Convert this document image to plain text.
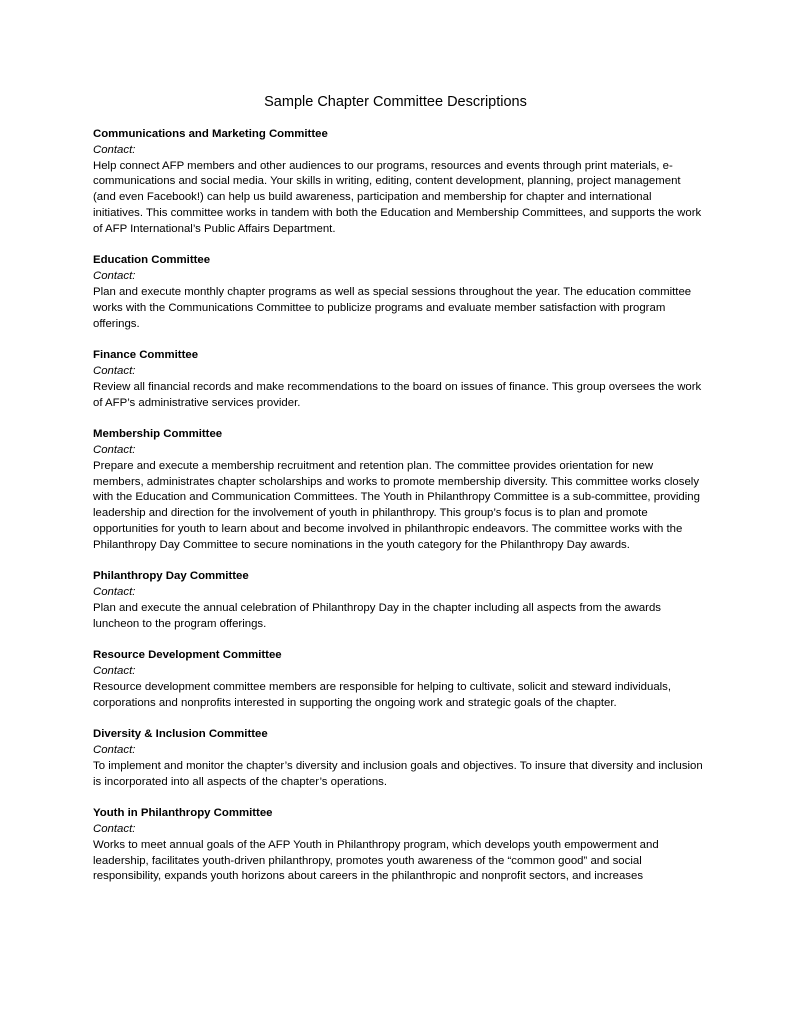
Sample Chapter Committee Descriptions

Communications and Marketing Committee

Contact:

Help connect AFP members and other audiences to our programs, resources and events through print materials, e-communications and social media. Your skills in writing, editing, content development, planning, project management (and even Facebook!) can help us build awareness, participation and membership for chapter and international initiatives. This committee works in tandem with both the Education and Membership Committees, and supports the work of AFP International’s Public Affairs Department.

Education Committee

Contact:

Plan and execute monthly chapter programs as well as special sessions throughout the year. The education committee works with the Communications Committee to publicize programs and evaluate member satisfaction with program offerings.

Finance Committee

Contact:

Review all financial records and make recommendations to the board on issues of finance. This group oversees the work of AFP’s administrative services provider.

Membership Committee

Contact:

Prepare and execute a membership recruitment and retention plan. The committee provides orientation for new members, administrates chapter scholarships and works to promote membership diversity. This committee works closely with the Education and Communication Committees. The Youth in Philanthropy Committee is a sub-committee, providing leadership and direction for the involvement of youth in philanthropy. This group’s focus is to plan and promote opportunities for youth to learn about and become involved in philanthropic endeavors. The committee works with the Philanthropy Day Committee to secure nominations in the youth category for the Philanthropy Day awards.

Philanthropy Day Committee

Contact:

Plan and execute the annual celebration of Philanthropy Day in the chapter including all aspects from the awards luncheon to the program offerings.

Resource Development Committee

Contact:

Resource development committee members are responsible for helping to cultivate, solicit and steward individuals, corporations and nonprofits interested in supporting the ongoing work and strategic goals of the chapter.

Diversity & Inclusion Committee

Contact:

To implement and monitor the chapter’s diversity and inclusion goals and objectives. To insure that diversity and inclusion is incorporated into all aspects of the chapter’s operations.

Youth in Philanthropy Committee

Contact:

Works to meet annual goals of the AFP Youth in Philanthropy program, which develops youth empowerment and leadership, facilitates youth-driven philanthropy, promotes youth awareness of the “common good” and social responsibility, expands youth horizons about careers in the philanthropic and nonprofit sectors, and increases
